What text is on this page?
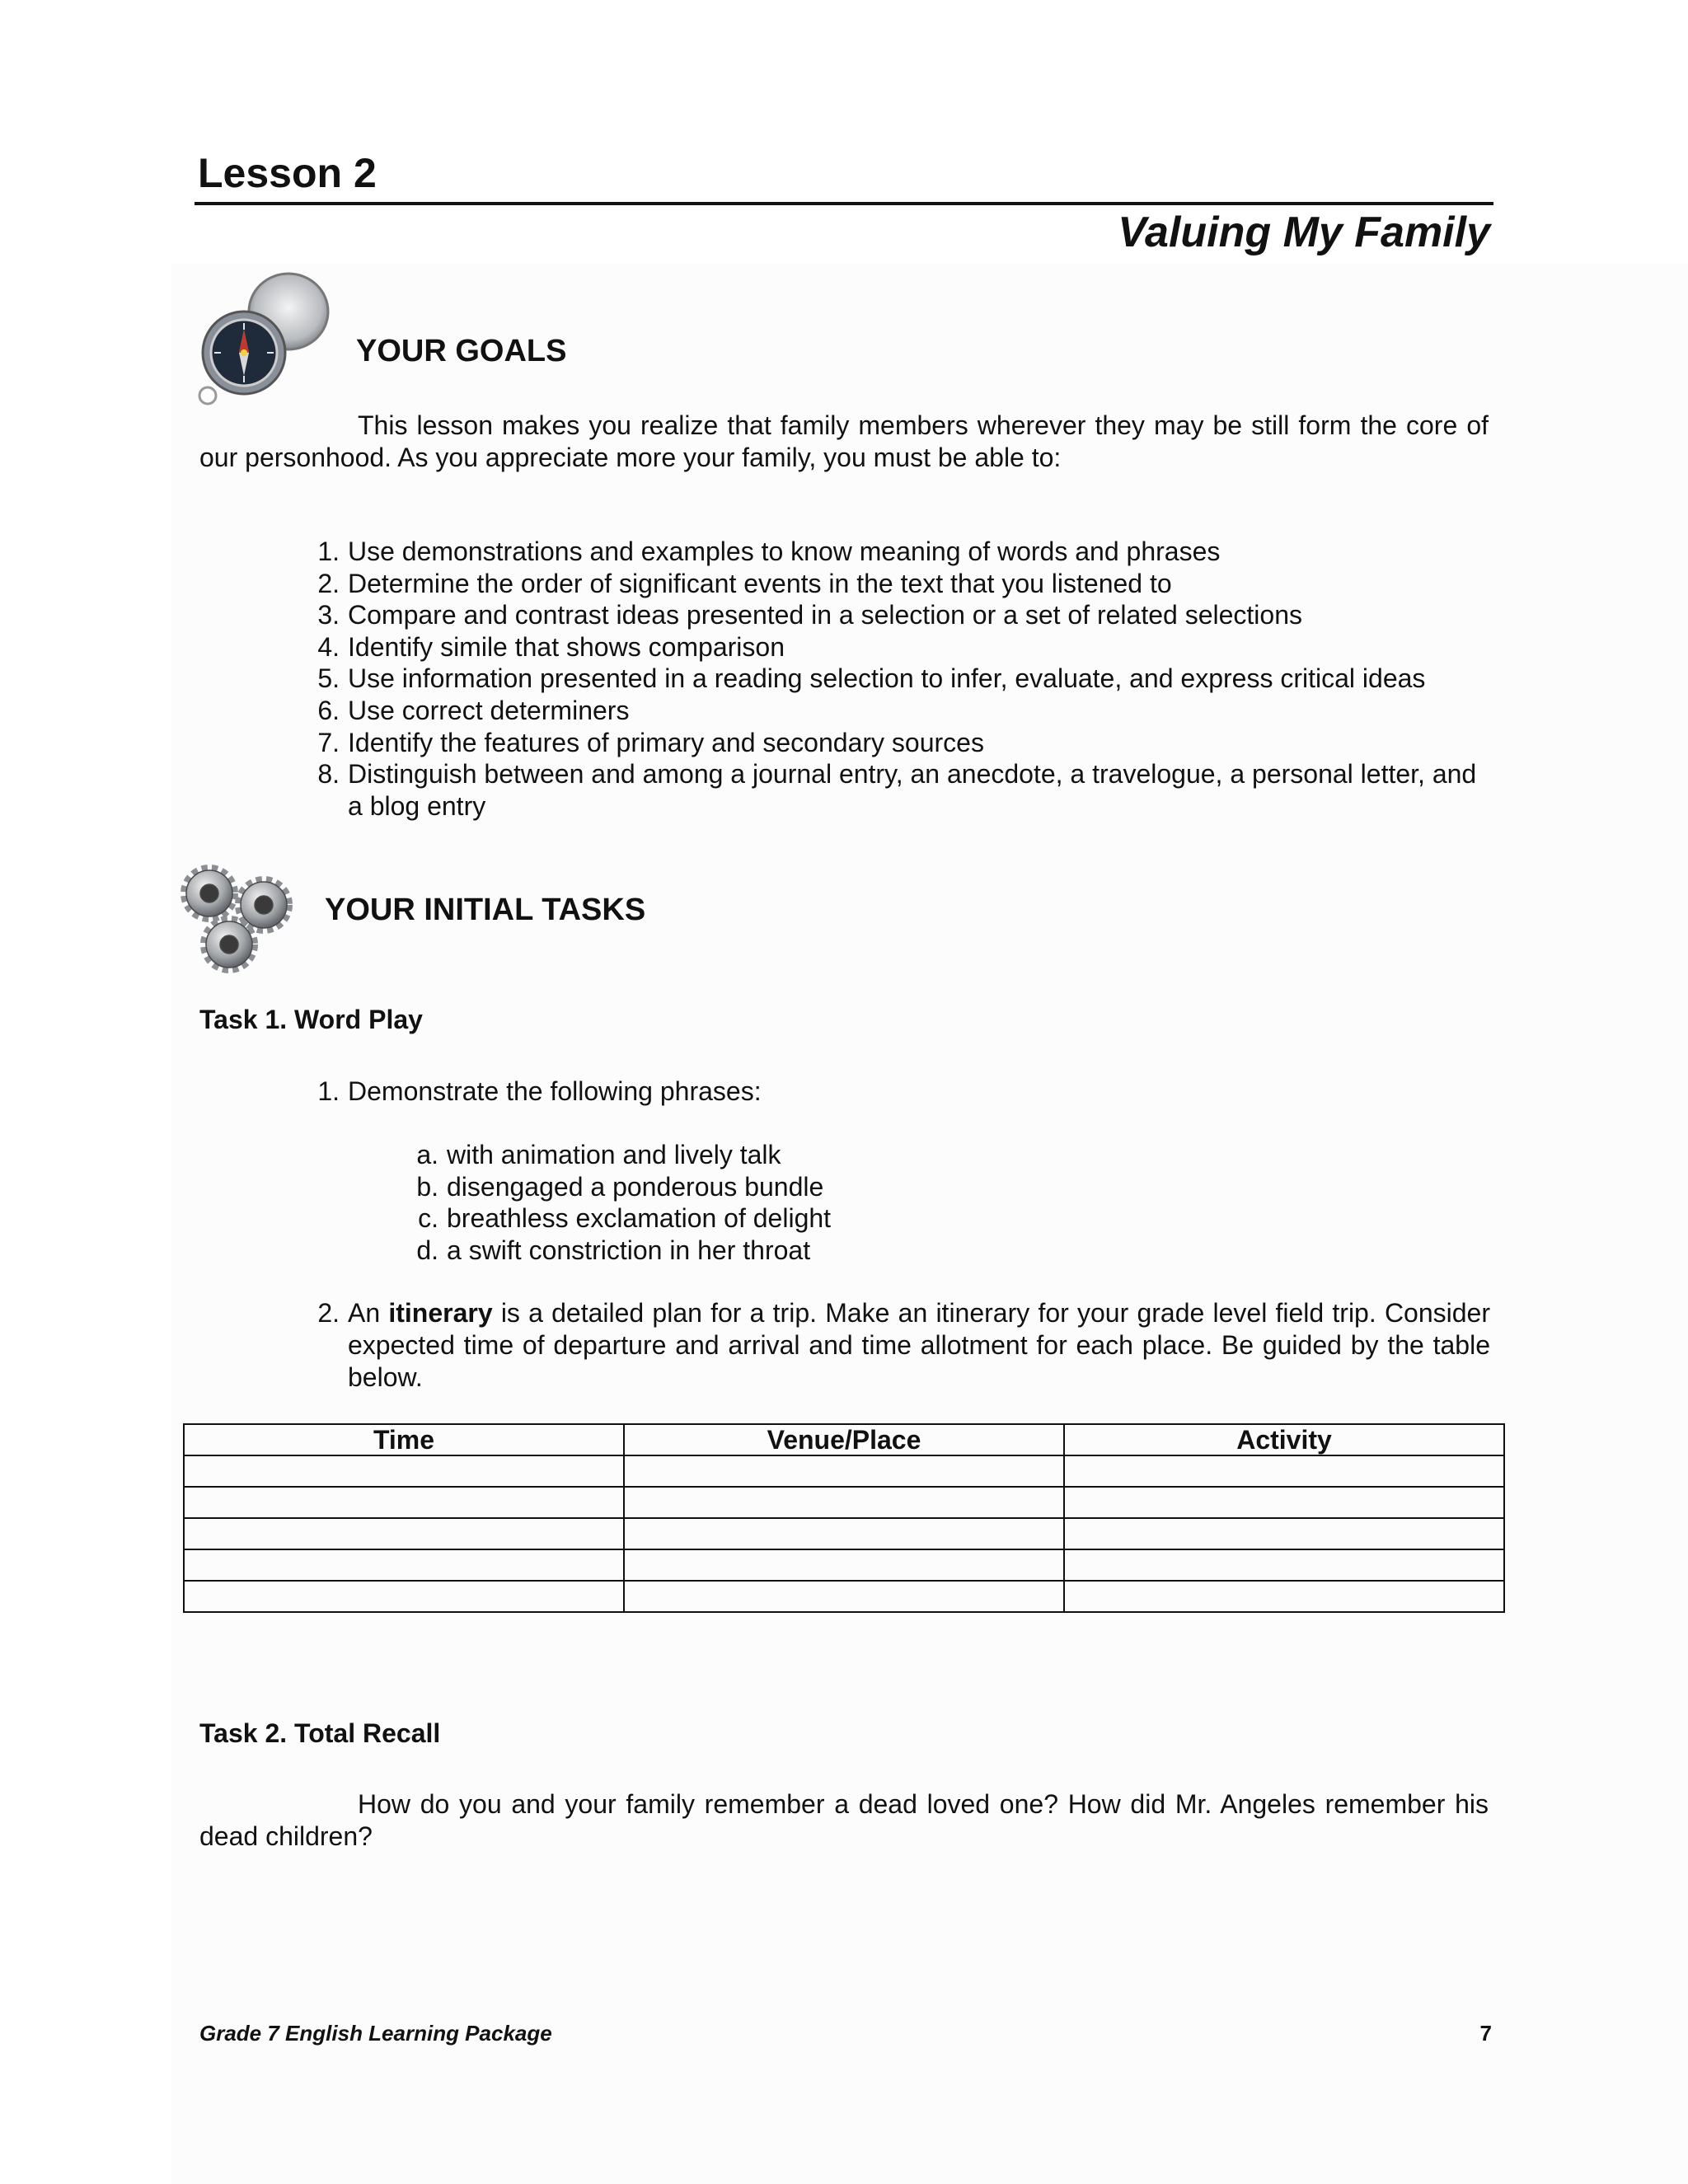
Lesson 2
Valuing My Family
YOUR GOALS
This lesson makes you realize that family members wherever they may be still form the core of our personhood. As you appreciate more your family, you must be able to:
1. Use demonstrations and examples to know meaning of words and phrases
2. Determine the order of significant events in the text that you listened to
3. Compare and contrast ideas presented in a selection or a set of related selections
4. Identify simile that shows comparison
5. Use information presented in a reading selection to infer, evaluate, and express critical ideas
6. Use correct determiners
7. Identify the features of primary and secondary sources
8. Distinguish between and among a journal entry, an anecdote, a travelogue, a personal letter, and a blog entry
YOUR INITIAL TASKS
Task 1. Word Play
1. Demonstrate the following phrases:
a. with animation and lively talk
b. disengaged a ponderous bundle
c. breathless exclamation of delight
d. a swift constriction in her throat
2. An itinerary is a detailed plan for a trip. Make an itinerary for your grade level field trip. Consider expected time of departure and arrival and time allotment for each place. Be guided by the table below.
Time	Venue/Place	Activity

Task 2. Total Recall
How do you and your family remember a dead loved one? How did Mr. Angeles remember his dead children?
Grade 7 English Learning Package	7
